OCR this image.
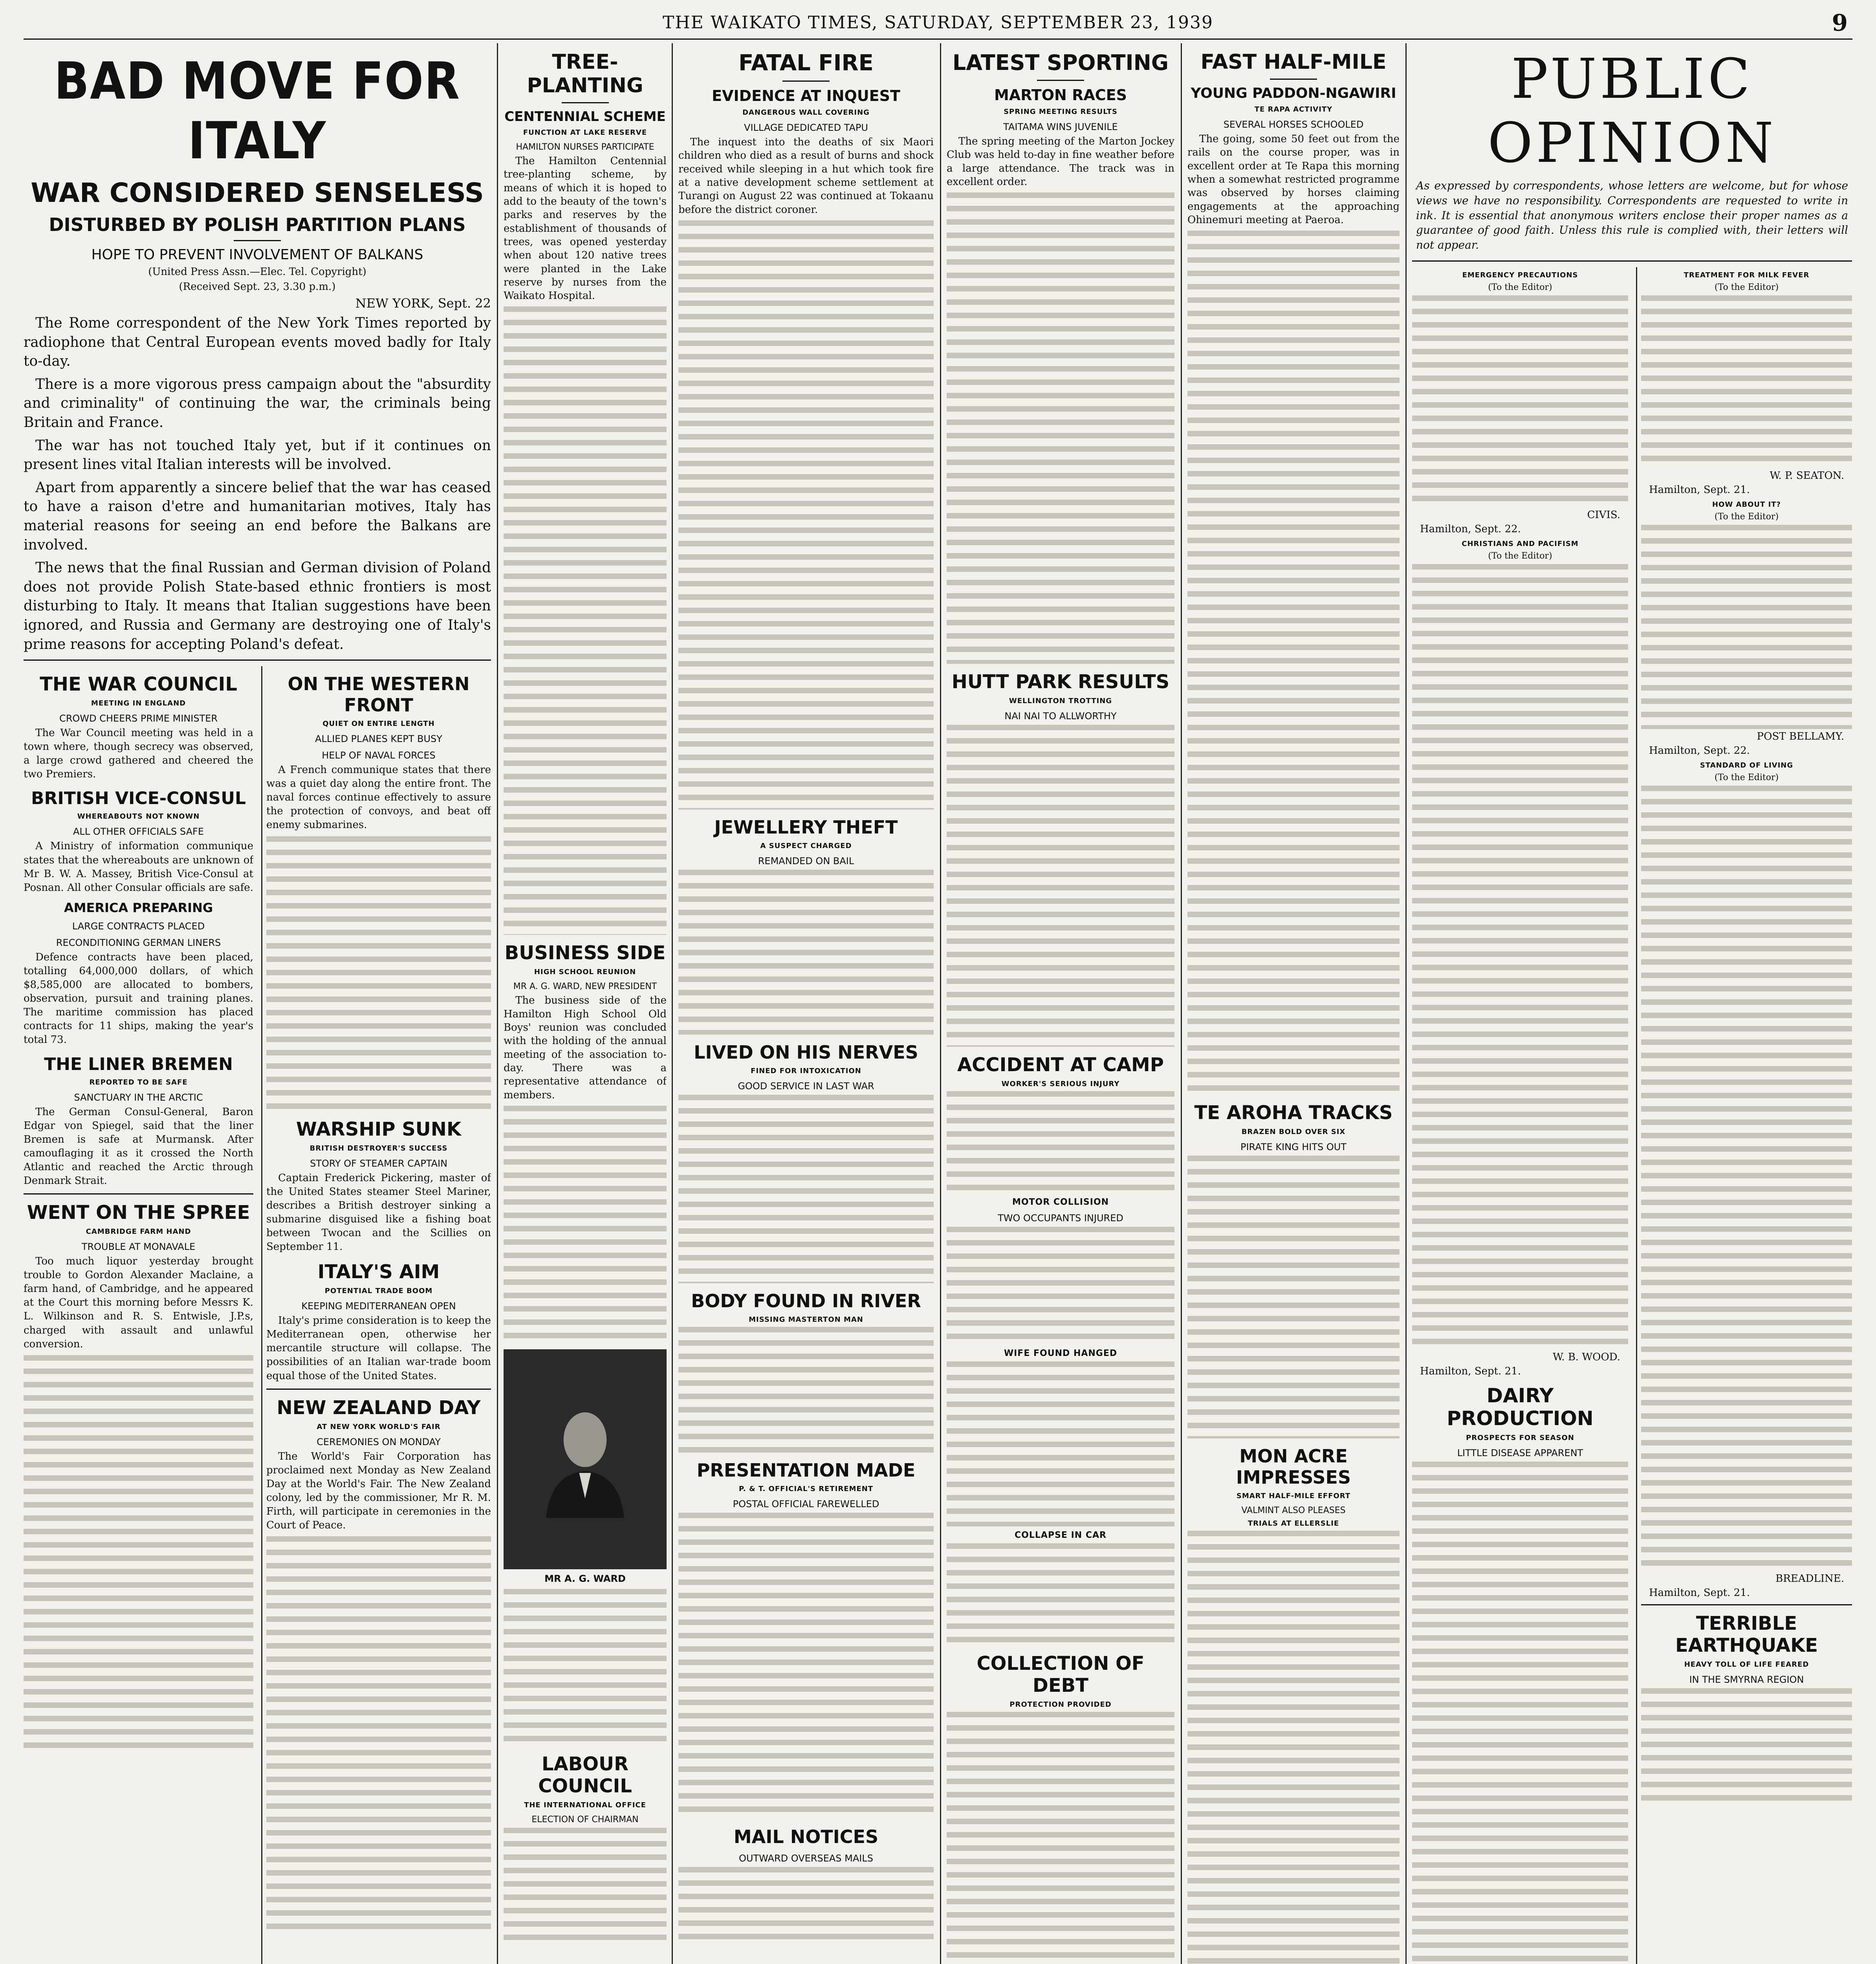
THE WAIKATO TIMES, SATURDAY, SEPTEMBER 23, 1939	9
BAD MOVE FOR ITALY
WAR CONSIDERED SENSELESS
DISTURBED BY POLISH PARTITION PLANS
HOPE TO PREVENT INVOLVEMENT OF BALKANS
(United Press Assn.—Elec. Tel. Copyright)
(Received Sept. 23, 3.30 p.m.)
NEW YORK, Sept. 22

The Rome correspondent of the New York Times reported by radiophone that Central European events moved badly for Italy to-day.

There is a more vigorous press campaign about the "absurdity and criminality" of continuing the war, the criminals being Britain and France.

The war has not touched Italy yet, but if it continues on present lines vital Italian interests will be involved.

Apart from apparently a sincere belief that the war has ceased to have a raison d'etre and humanitarian motives, Italy has material reasons for seeing an end before the Balkans are involved.

The news that the final Russian and German division of Poland does not provide Polish State-based ethnic frontiers is most disturbing to Italy. It means that Italian suggestions have been ignored, and Russia and Germany are destroying one of Italy's prime reasons for accepting Poland's defeat.

THE WAR COUNCIL
MEETING IN ENGLAND
CROWD CHEERS PRIME MINISTER

The War Council meeting was held in a town where, though secrecy was observed, a large crowd gathered and cheered the two Premiers.

BRITISH VICE-CONSUL
WHEREABOUTS NOT KNOWN
ALL OTHER OFFICIALS SAFE

A Ministry of information communique states that the whereabouts are unknown of Mr B. W. A. Massey, British Vice-Consul at Posnan. All other Consular officials are safe.

AMERICA PREPARING
LARGE CONTRACTS PLACED
RECONDITIONING GERMAN LINERS

Defence contracts have been placed, totalling 64,000,000 dollars, of which $8,585,000 are allocated to bombers, observation, pursuit and training planes. The maritime commission has placed contracts for 11 ships, making the year's total 73.

THE LINER BREMEN
REPORTED TO BE SAFE
SANCTUARY IN THE ARCTIC

The German Consul-General, Baron Edgar von Spiegel, said that the liner Bremen is safe at Murmansk. After camouflaging it as it crossed the North Atlantic and reached the Arctic through Denmark Strait.

WENT ON THE SPREE
CAMBRIDGE FARM HAND
TROUBLE AT MONAVALE

Too much liquor yesterday brought trouble to Gordon Alexander Maclaine, a farm hand, of Cambridge, and he appeared at the Court this morning before Messrs K. L. Wilkinson and R. S. Entwisle, J.P.s, charged with assault and unlawful conversion.

ON THE WESTERN FRONT
QUIET ON ENTIRE LENGTH
ALLIED PLANES KEPT BUSY
HELP OF NAVAL FORCES

A French communique states that there was a quiet day along the entire front. The naval forces continue effectively to assure the protection of convoys, and beat off enemy submarines.

WARSHIP SUNK
BRITISH DESTROYER'S SUCCESS
STORY OF STEAMER CAPTAIN

Captain Frederick Pickering, master of the United States steamer Steel Mariner, describes a British destroyer sinking a submarine disguised like a fishing boat between Twocan and the Scillies on September 11.

ITALY'S AIM
POTENTIAL TRADE BOOM
KEEPING MEDITERRANEAN OPEN

Italy's prime consideration is to keep the Mediterranean open, otherwise her mercantile structure will collapse. The possibilities of an Italian war-trade boom equal those of the United States.

NEW ZEALAND DAY
AT NEW YORK WORLD'S FAIR
CEREMONIES ON MONDAY

The World's Fair Corporation has proclaimed next Monday as New Zealand Day at the World's Fair. The New Zealand colony, led by the commissioner, Mr R. M. Firth, will participate in ceremonies in the Court of Peace.

TREE-PLANTING
CENTENNIAL SCHEME
FUNCTION AT LAKE RESERVE
HAMILTON NURSES PARTICIPATE

The Hamilton Centennial tree-planting scheme, by means of which it is hoped to add to the beauty of the town's parks and reserves by the establishment of thousands of trees, was opened yesterday when about 120 native trees were planted in the Lake reserve by nurses from the Waikato Hospital.

BUSINESS SIDE
HIGH SCHOOL REUNION
MR A. G. WARD, NEW PRESIDENT

The business side of the Hamilton High School Old Boys' reunion was concluded with the holding of the annual meeting of the association to-day. There was a representative attendance of members.

MR A. G. WARD
LABOUR COUNCIL
THE INTERNATIONAL OFFICE
ELECTION OF CHAIRMAN
FATAL FIRE
EVIDENCE AT INQUEST
DANGEROUS WALL COVERING
VILLAGE DEDICATED TAPU

The inquest into the deaths of six Maori children who died as a result of burns and shock received while sleeping in a hut which took fire at a native development scheme settlement at Turangi on August 22 was continued at Tokaanu before the district coroner.

JEWELLERY THEFT
A SUSPECT CHARGED
REMANDED ON BAIL
LIVED ON HIS NERVES
FINED FOR INTOXICATION
GOOD SERVICE IN LAST WAR
BODY FOUND IN RIVER
MISSING MASTERTON MAN
PRESENTATION MADE
P. & T. OFFICIAL'S RETIREMENT
POSTAL OFFICIAL FAREWELLED
MAIL NOTICES
OUTWARD OVERSEAS MAILS
LATEST SPORTING
MARTON RACES
SPRING MEETING RESULTS
TAITAMA WINS JUVENILE

The spring meeting of the Marton Jockey Club was held to-day in fine weather before a large attendance. The track was in excellent order.

HUTT PARK RESULTS
WELLINGTON TROTTING
NAI NAI TO ALLWORTHY
ACCIDENT AT CAMP
WORKER'S SERIOUS INJURY
MOTOR COLLISION
TWO OCCUPANTS INJURED
WIFE FOUND HANGED
COLLAPSE IN CAR
COLLECTION OF DEBT
PROTECTION PROVIDED
FAST HALF-MILE
YOUNG PADDON-NGAWIRI
TE RAPA ACTIVITY
SEVERAL HORSES SCHOOLED

The going, some 50 feet out from the rails on the course proper, was in excellent order at Te Rapa this morning when a somewhat restricted programme was observed by horses claiming engagements at the approaching Ohinemuri meeting at Paeroa.

TE AROHA TRACKS
BRAZEN BOLD OVER SIX
PIRATE KING HITS OUT
MON ACRE IMPRESSES
SMART HALF-MILE EFFORT
VALMINT ALSO PLEASES
TRIALS AT ELLERSLIE
PUBLIC OPINION
As expressed by correspondents, whose letters are welcome, but for whose views we have no responsibility. Correspondents are requested to write in ink. It is essential that anonymous writers enclose their proper names as a guarantee of good faith. Unless this rule is complied with, their letters will not appear.
EMERGENCY PRECAUTIONS
(To the Editor)
CIVIS.
Hamilton, Sept. 22.
CHRISTIANS AND PACIFISM
(To the Editor)
W. B. WOOD.
Hamilton, Sept. 21.
DAIRY PRODUCTION
PROSPECTS FOR SEASON
LITTLE DISEASE APPARENT
TREATMENT FOR MILK FEVER
(To the Editor)
W. P. SEATON.
Hamilton, Sept. 21.
HOW ABOUT IT?
(To the Editor)
POST BELLAMY.
Hamilton, Sept. 22.
STANDARD OF LIVING
(To the Editor)
BREADLINE.
Hamilton, Sept. 21.
TERRIBLE EARTHQUAKE
HEAVY TOLL OF LIFE FEARED
IN THE SMYRNA REGION
